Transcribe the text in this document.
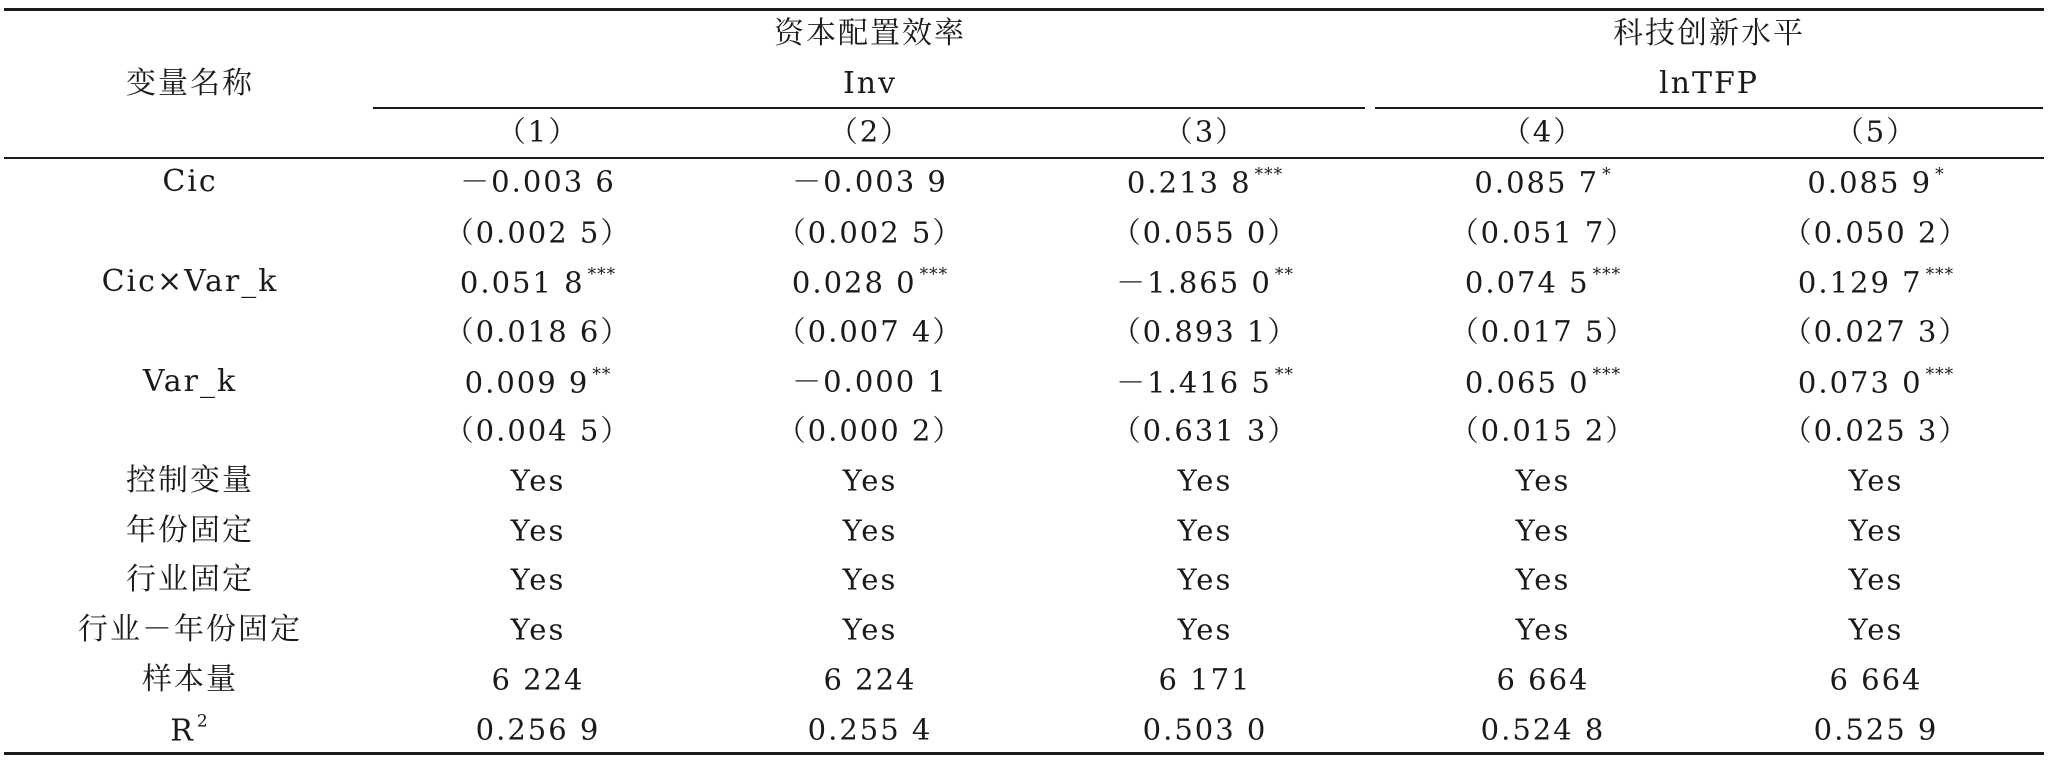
变量名称
资本配置效率
Inv
科技创新水平
lnTFP
（1）	（2）	（3）	（4）	（5）
Cic	－0.003 6	－0.003 9	0.213 8 ***	0.085 7 *	0.085 9 *
（0.002 5）	（0.002 5）	（0.055 0）	（0.051 7）	（0.050 2）
Cic×Var_k	0.051 8 ***	0.028 0 ***	－1.865 0 **	0.074 5 ***	0.129 7 ***
（0.018 6）	（0.007 4）	（0.893 1）	（0.017 5）	（0.027 3）
Var_k	0.009 9 **	－0.000 1	－1.416 5 **	0.065 0 ***	0.073 0 ***
（0.004 5）	（0.000 2）	（0.631 3）	（0.015 2）	（0.025 3）
控制变量	Yes	Yes	Yes	Yes	Yes
年份固定	Yes	Yes	Yes	Yes	Yes
行业固定	Yes	Yes	Yes	Yes	Yes
行业－年份固定	Yes	Yes	Yes	Yes	Yes
样本量	6 224	6 224	6 171	6 664	6 664
R $^2$	0.256 9	0.255 4	0.503 0	0.524 8	0.525 9
